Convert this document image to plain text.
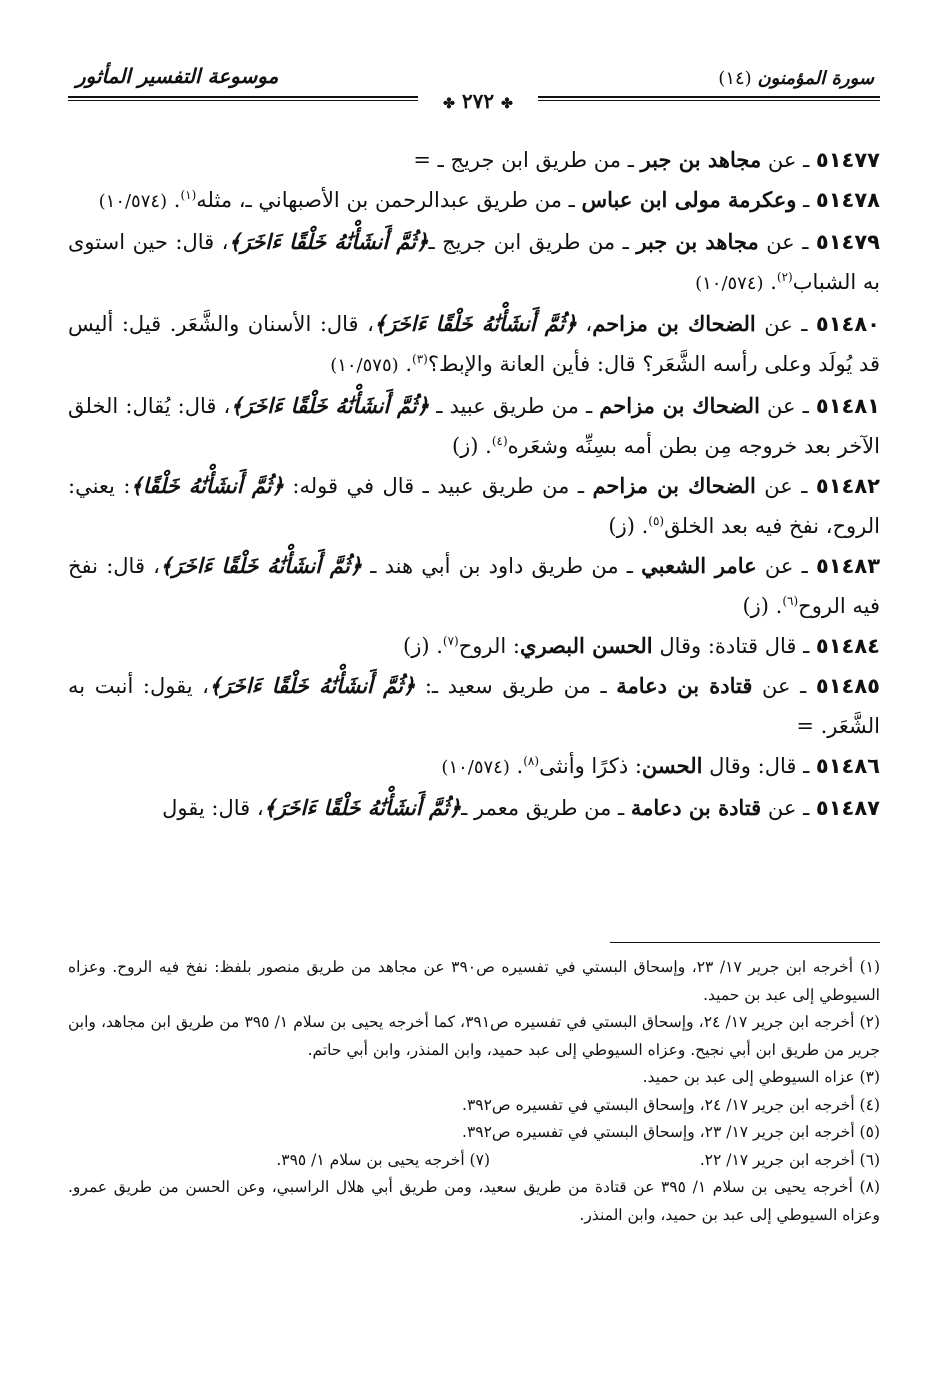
موسوعة التفسير المأثور	سورة المؤمنون (١٤)
✤ ٢٧٢ ✤

٥١٤٧٧ ـ عن مجاهد بن جبر ـ من طريق ابن جريج ـ =

٥١٤٧٨ ـ وعكرمة مولى ابن عباس ـ من طريق عبدالرحمن بن الأصبهاني ـ، مثله$^{(١)}$. (١٠/٥٧٤)

٥١٤٧٩ ـ عن مجاهد بن جبر ـ من طريق ابن جريج ـ﴿ثُمَّ أَنشَأْنَٰهُ خَلْقًا ءَاخَرَ﴾، قال: حين استوى به الشباب$^{(٢)}$. (١٠/٥٧٤)

٥١٤٨٠ ـ عن الضحاك بن مزاحم، ﴿ثُمَّ أَنشَأْنَٰهُ خَلْقًا ءَاخَرَ﴾، قال: الأسنان والشَّعَر. قيل: أليس قد يُولَد وعلى رأسه الشَّعَر؟ قال: فأين العانة والإبط؟$^{(٣)}$. (١٠/٥٧٥)

٥١٤٨١ ـ عن الضحاك بن مزاحم ـ من طريق عبيد ـ ﴿ثُمَّ أَنشَأْنَٰهُ خَلْقًا ءَاخَرَ﴾، قال: يُقال: الخلق الآخر بعد خروجه مِن بطن أمه بسِنِّه وشعَره$^{(٤)}$. (ز)

٥١٤٨٢ ـ عن الضحاك بن مزاحم ـ من طريق عبيد ـ قال في قوله: ﴿ثُمَّ أَنشَأْنَٰهُ خَلْقًا﴾: يعني: الروح، نفخ فيه بعد الخلق$^{(٥)}$. (ز)

٥١٤٨٣ ـ عن عامر الشعبي ـ من طريق داود بن أبي هند ـ ﴿ثُمَّ أَنشَأْنَٰهُ خَلْقًا ءَاخَرَ﴾، قال: نفخ فيه الروح$^{(٦)}$. (ز)

٥١٤٨٤ ـ قال قتادة: وقال الحسن البصري: الروح$^{(٧)}$. (ز)

٥١٤٨٥ ـ عن قتادة بن دعامة ـ من طريق سعيد ـ: ﴿ثُمَّ أَنشَأْنَٰهُ خَلْقًا ءَاخَرَ﴾، يقول: أنبت به الشَّعَر. =

٥١٤٨٦ ـ قال: وقال الحسن: ذكرًا وأنثى$^{(٨)}$. (١٠/٥٧٤)

٥١٤٨٧ ـ عن قتادة بن دعامة ـ من طريق معمر ـ﴿ثُمَّ أَنشَأْنَٰهُ خَلْقًا ءَاخَرَ﴾، قال: يقول

(١) أخرجه ابن جرير ١٧/ ٢٣، وإسحاق البستي في تفسيره ص٣٩٠ عن مجاهد من طريق منصور بلفظ: نفخ فيه الروح. وعزاه السيوطي إلى عبد بن حميد.

(٢) أخرجه ابن جرير ١٧/ ٢٤، وإسحاق البستي في تفسيره ص٣٩١، كما أخرجه يحيى بن سلام ١/ ٣٩٥ من طريق ابن مجاهد، وابن جرير من طريق ابن أبي نجيح. وعزاه السيوطي إلى عبد حميد، وابن المنذر، وابن أبي حاتم.

(٣) عزاه السيوطي إلى عبد بن حميد.

(٤) أخرجه ابن جرير ١٧/ ٢٤، وإسحاق البستي في تفسيره ص٣٩٢.

(٥) أخرجه ابن جرير ١٧/ ٢٣، وإسحاق البستي في تفسيره ص٣٩٢.

(٦) أخرجه ابن جرير ١٧/ ٢٢.
(٧) أخرجه يحيى بن سلام ١/ ٣٩٥.

(٨) أخرجه يحيى بن سلام ١/ ٣٩٥ عن قتادة من طريق سعيد، ومن طريق أبي هلال الراسبي، وعن الحسن من طريق عمرو. وعزاه السيوطي إلى عبد بن حميد، وابن المنذر.
